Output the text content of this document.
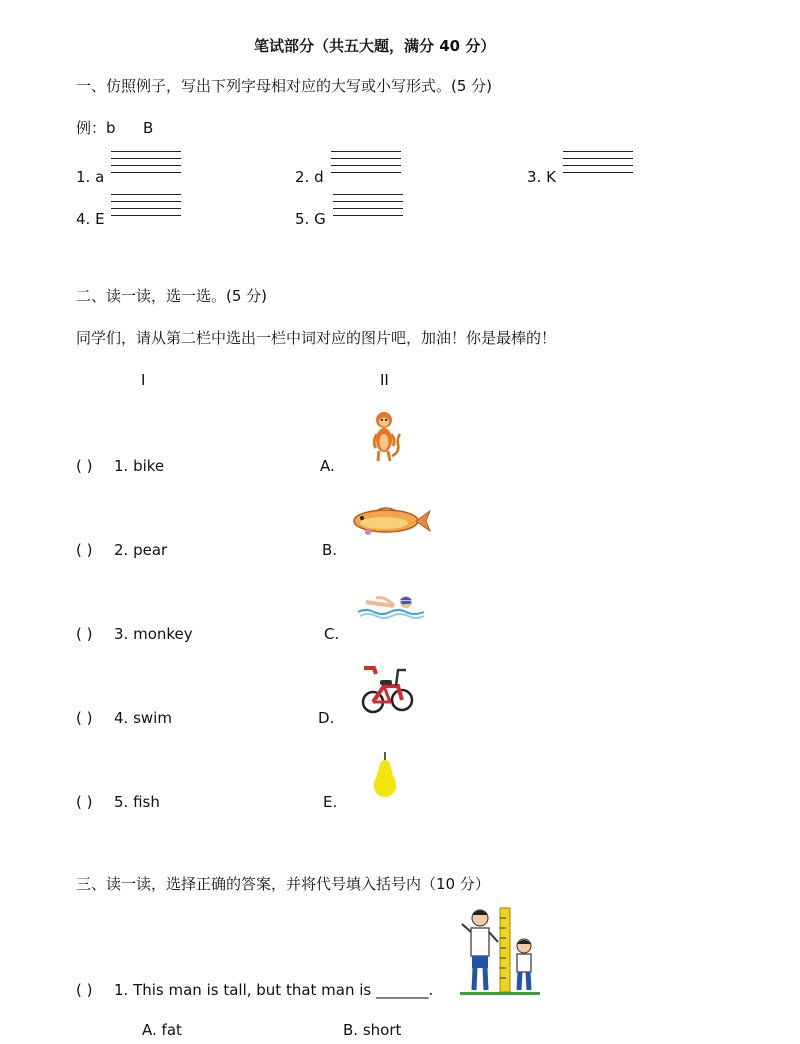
笔试部分（共五大题，满分 40 分）
一、仿照例子，写出下列字母相对应的大写或小写形式。(5 分)
例：b B
1. a	2. d	3. K
4. E	5. G
二、读一读，选一选。(5 分)
同学们，请从第二栏中选出一栏中词对应的图片吧，加油！你是最棒的！
I	II
( ) 1. bike	A.
( ) 2. pear	B.
( ) 3. monkey	C.
( ) 4. swim	D.
( ) 5. fish	E.
三、读一读，选择正确的答案，并将代号填入括号内（10 分）
( ) 1. This man is tall, but that man is _______.
A. fat	B. short
